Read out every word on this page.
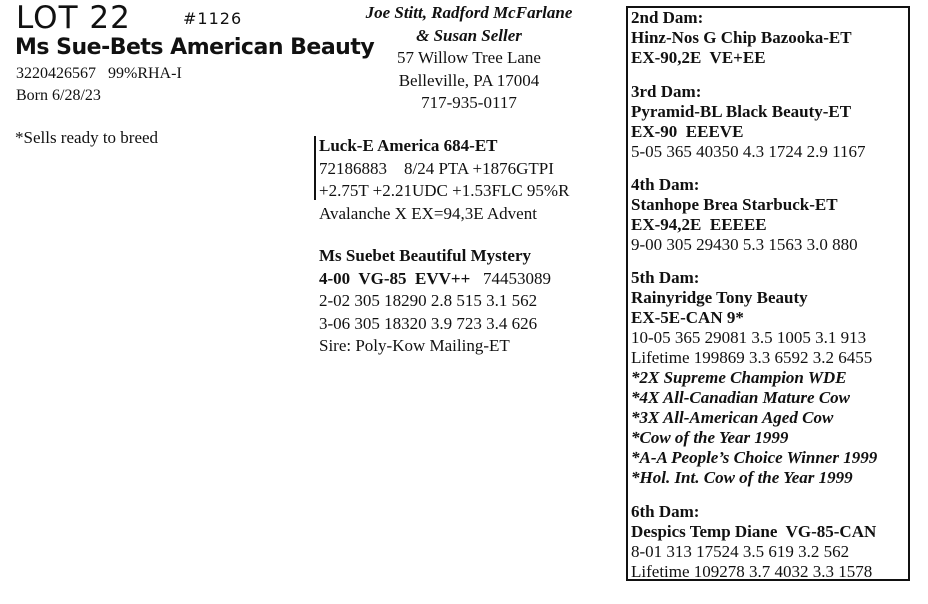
LOT 22	#1126
Ms Sue-Bets American Beauty
3220426567   99%RHA-I
Born 6/28/23
*Sells ready to breed
Joe Stitt, Radford McFarlane
& Susan Seller
57 Willow Tree Lane
Belleville, PA 17004
717-935-0117
Luck-E America 684-ET
72186883    8/24 PTA +1876GTPI
+2.75T +2.21UDC +1.53FLC 95%R
Avalanche X EX=94,3E Advent
Ms Suebet Beautiful Mystery
4-00  VG-85  EVV++ 74453089
2-02 305 18290 2.8 515 3.1 562
3-06 305 18320 3.9 723 3.4 626
Sire: Poly-Kow Mailing-ET
2nd Dam:
Hinz-Nos G Chip Bazooka-ET
EX-90,2E  VE+EE
3rd Dam:
Pyramid-BL Black Beauty-ET
EX-90  EEEVE
5-05 365 40350 4.3 1724 2.9 1167
4th Dam:
Stanhope Brea Starbuck-ET
EX-94,2E  EEEEE
9-00 305 29430 5.3 1563 3.0 880
5th Dam:
Rainyridge Tony Beauty
EX-5E-CAN 9*
10-05 365 29081 3.5 1005 3.1 913
Lifetime 199869 3.3 6592 3.2 6455
*2X Supreme Champion WDE
*4X All-Canadian Mature Cow
*3X All-American Aged Cow
*Cow of the Year 1999
*A-A People’s Choice Winner 1999
*Hol. Int. Cow of the Year 1999
6th Dam:
Despics Temp Diane  VG-85-CAN
8-01 313 17524 3.5 619 3.2 562
Lifetime 109278 3.7 4032 3.3 1578
